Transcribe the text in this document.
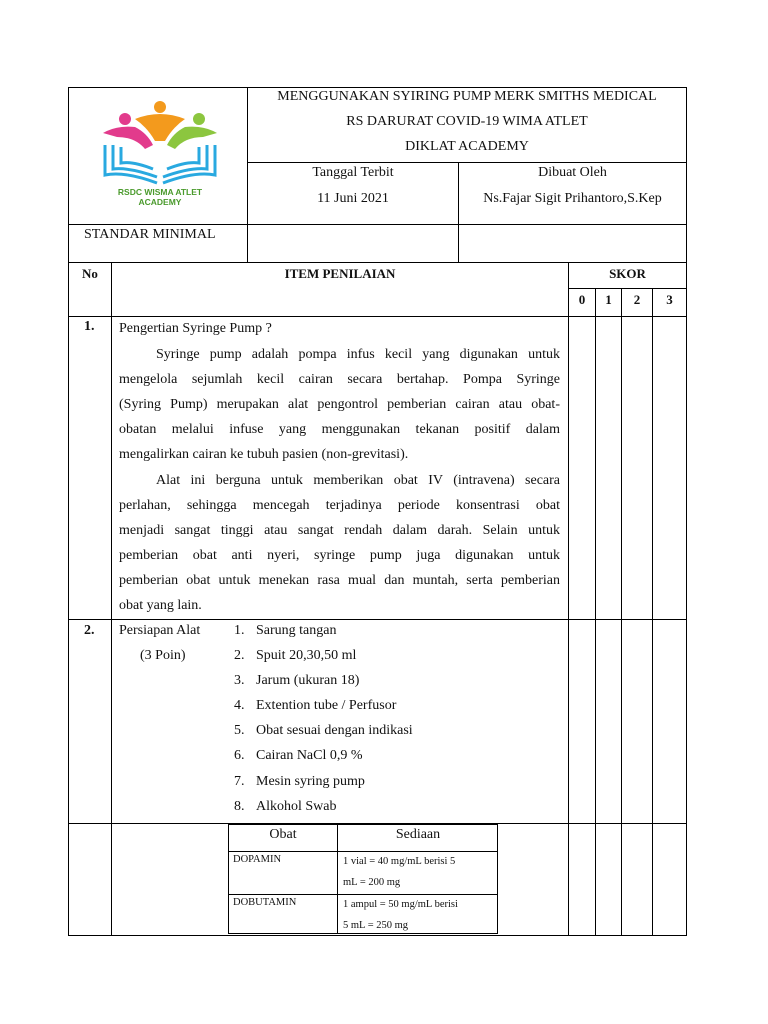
RSDC WISMA ATLET
ACADEMY
MENGGUNAKAN SYIRING PUMP MERK SMITHS MEDICAL
RS DARURAT COVID-19 WIMA ATLET
DIKLAT ACADEMY
Tanggal Terbit
11 Juni 2021
Dibuat Oleh
Ns.Fajar Sigit Prihantoro,S.Kep
STANDAR MINIMAL
No	ITEM PENILAIAN	SKOR
0	1	2	3
1. Pengertian Syringe Pump ?

Syringe pump adalah pompa infus kecil yang digunakan untuk

mengelola sejumlah kecil cairan secara bertahap. Pompa Syringe

(Syring Pump) merupakan alat pengontrol pemberian cairan atau obat-

obatan melalui infuse yang menggunakan tekanan positif dalam

mengalirkan cairan ke tubuh pasien (non-grevitasi).

Alat ini berguna untuk memberikan obat IV (intravena) secara

perlahan, sehingga mencegah terjadinya periode konsentrasi obat

menjadi sangat tinggi atau sangat rendah dalam darah. Selain untuk

pemberian obat anti nyeri, syringe pump juga digunakan untuk

pemberian obat untuk menekan rasa mual dan muntah, serta pemberian

obat yang lain.

2. Persiapan Alat
(3 Poin)
1. Sarung tangan
2. Spuit 20,30,50 ml
3. Jarum (ukuran 18)
4. Extention tube / Perfusor
5. Obat sesuai dengan indikasi
6. Cairan NaCl 0,9 %
7. Mesin syring pump
8. Alkohol Swab
Obat	Sediaan
DOPAMIN	1 vial = 40 mg/mL berisi 5
mL = 200 mg
DOBUTAMIN	1 ampul = 50 mg/mL berisi
5 mL = 250 mg
